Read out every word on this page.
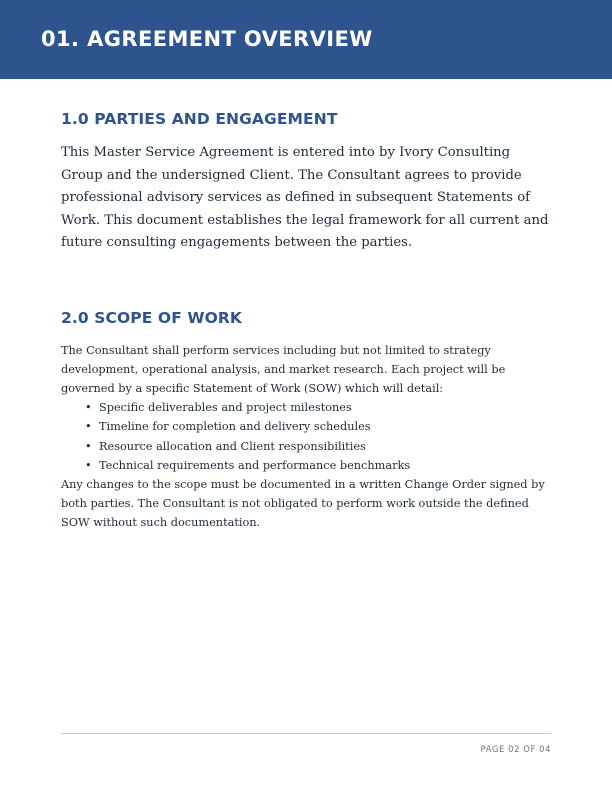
01. AGREEMENT OVERVIEW
1.0 PARTIES AND ENGAGEMENT

This Master Service Agreement is entered into by Ivory Consulting Group and the undersigned Client. The Consultant agrees to provide professional advisory services as defined in subsequent Statements of Work. This document establishes the legal framework for all current and future consulting engagements between the parties.

2.0 SCOPE OF WORK

The Consultant shall perform services including but not limited to strategy development, operational analysis, and market research. Each project will be governed by a specific Statement of Work (SOW) which will detail:

• Specific deliverables and project milestones
• Timeline for completion and delivery schedules
• Resource allocation and Client responsibilities
• Technical requirements and performance benchmarks

Any changes to the scope must be documented in a written Change Order signed by both parties. The Consultant is not obligated to perform work outside the defined SOW without such documentation.

PAGE 02 OF 04
